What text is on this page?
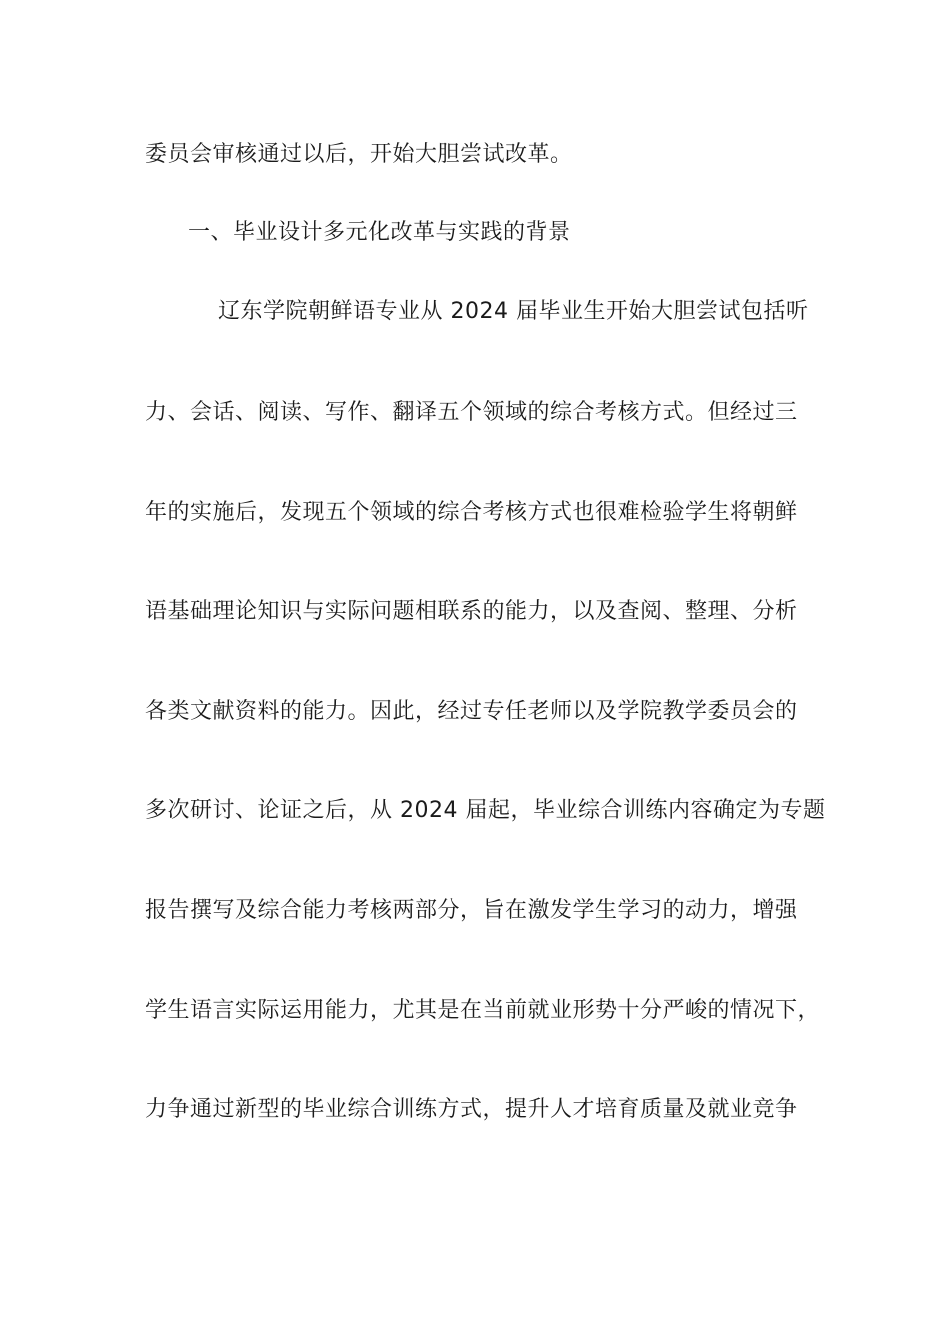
委员会审核通过以后，开始大胆尝试改革。
一、毕业设计多元化改革与实践的背景
辽东学院朝鲜语专业从 2024 届毕业生开始大胆尝试包括听
力、会话、阅读、写作、翻译五个领域的综合考核方式。但经过三
年的实施后，发现五个领域的综合考核方式也很难检验学生将朝鲜
语基础理论知识与实际问题相联系的能力，以及查阅、整理、分析
各类文献资料的能力。因此，经过专任老师以及学院教学委员会的
多次研讨、论证之后，从 2024 届起，毕业综合训练内容确定为专题
报告撰写及综合能力考核两部分，旨在激发学生学习的动力，增强
学生语言实际运用能力，尤其是在当前就业形势十分严峻的情况下，
力争通过新型的毕业综合训练方式，提升人才培育质量及就业竞争
